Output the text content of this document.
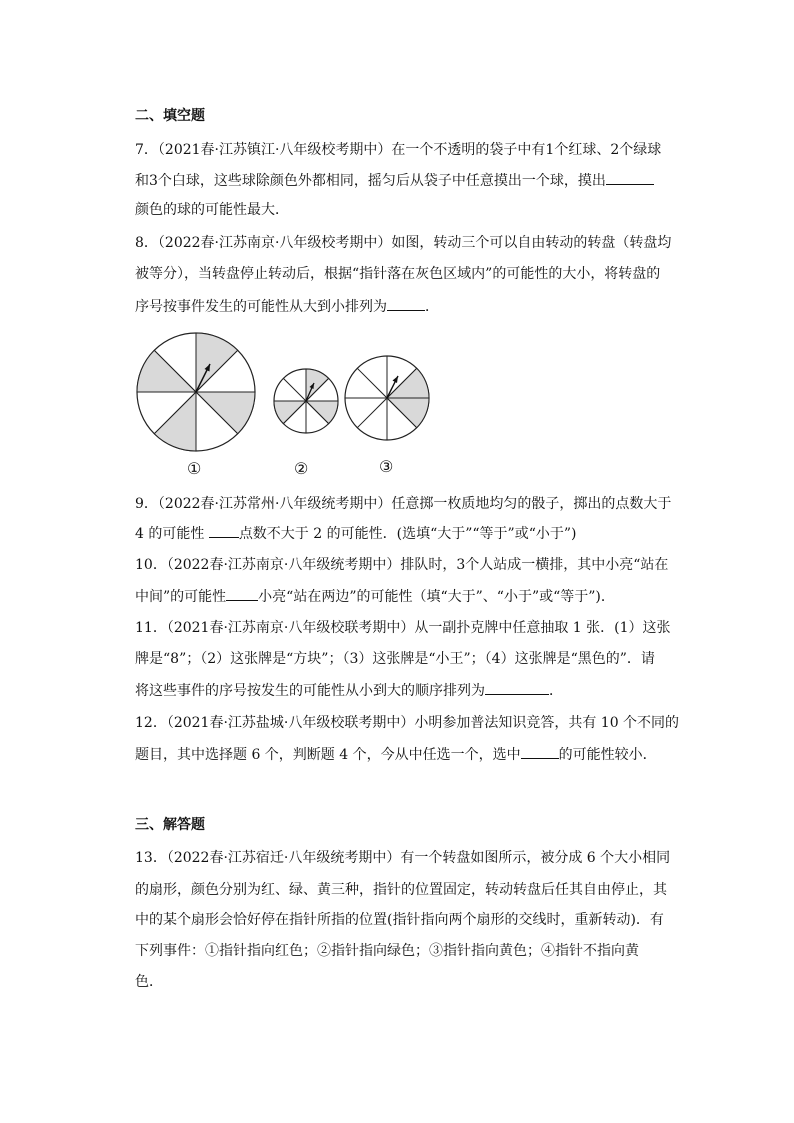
二、填空题
7．（2021春·江苏镇江·八年级校考期中）在一个不透明的袋子中有1个红球、2个绿球
和3个白球，这些球除颜色外都相同，摇匀后从袋子中任意摸出一个球，摸出
颜色的球的可能性最大．
8．（2022春·江苏南京·八年级校考期中）如图，转动三个可以自由转动的转盘（转盘均
被等分），当转盘停止转动后，根据“指针落在灰色区域内”的可能性的大小，将转盘的
序号按事件发生的可能性从大到小排列为	．
①	②	③
9．（2022春·江苏常州·八年级统考期中）任意掷一枚质地均匀的骰子，掷出的点数大于
4 的可能性 点数不大于 2 的可能性．(选填“大于”“等于”或“小于”)
10．（2022春·江苏南京·八年级统考期中）排队时，3个人站成一横排，其中小亮“站在
中间”的可能性 小亮“站在两边”的可能性（填“大于”、“小于”或“等于”)．
11．（2021春·江苏南京·八年级校联考期中）从一副扑克牌中任意抽取 1 张．(1）这张
牌是“8”；（2）这张牌是“方块”；（3）这张牌是“小王”；（4）这张牌是“黑色的”．请
将这些事件的序号按发生的可能性从小到大的顺序排列为	．
12．（2021春·江苏盐城·八年级校联考期中）小明参加普法知识竞答，共有 10 个不同的
题目，其中选择题 6 个，判断题 4 个，今从中任选一个，选中	的可能性较小．
三、解答题
13．（2022春·江苏宿迁·八年级统考期中）有一个转盘如图所示，被分成 6 个大小相同
的扇形，颜色分别为红、绿、黄三种，指针的位置固定，转动转盘后任其自由停止，其
中的某个扇形会恰好停在指针所指的位置(指针指向两个扇形的交线时，重新转动)．有
下列事件：①指针指向红色；②指针指向绿色；③指针指向黄色；④指针不指向黄
色．
